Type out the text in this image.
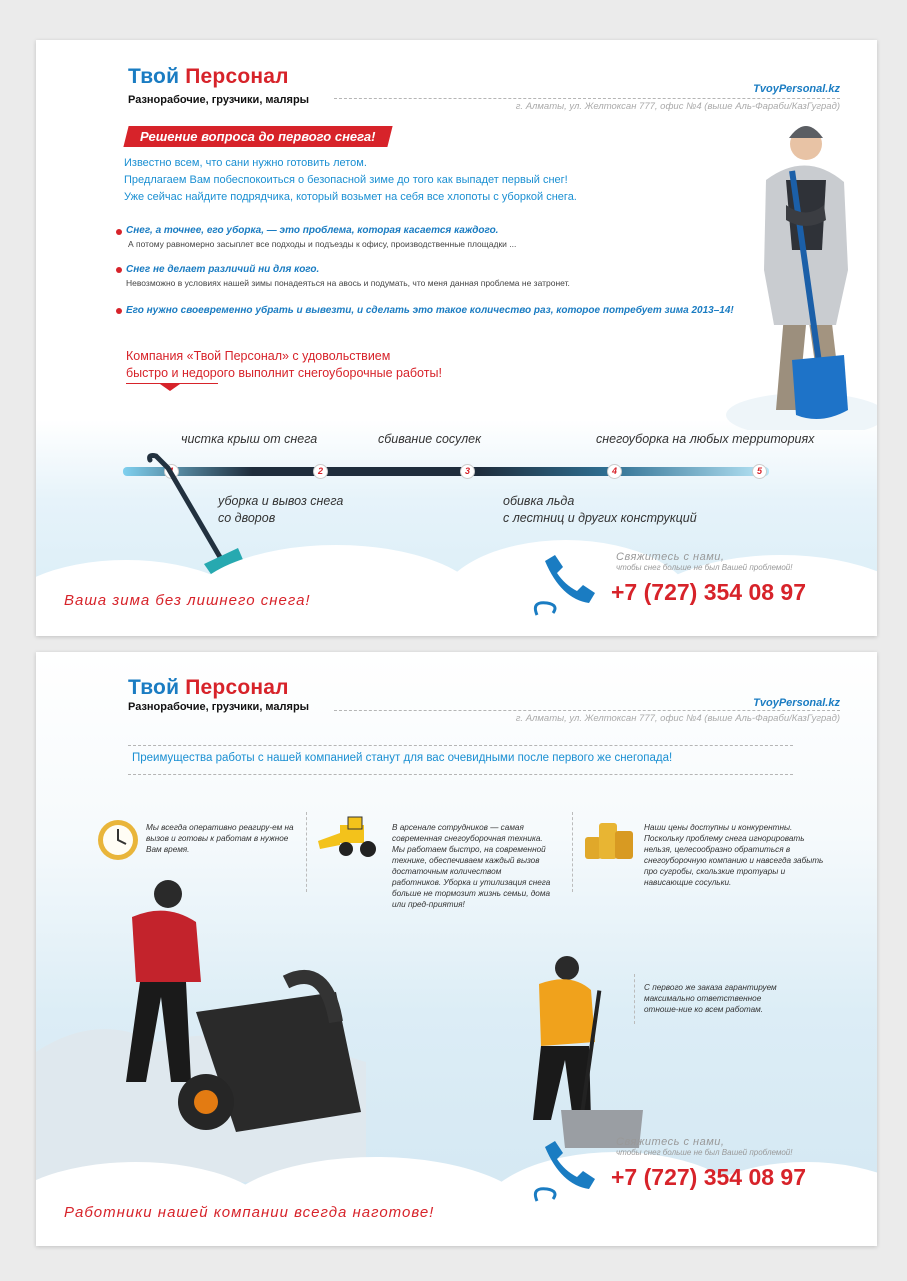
Твой Персонал
Разнорабочие, грузчики, маляры
TvoyPersonal.kz
г. Алматы, ул. Желтоксан 777, офис №4 (выше Аль-Фараби/КазГуград)
Решение вопроса до первого снега!
Известно всем, что сани нужно готовить летом.
Предлагаем Вам побеспокоиться о безопасной зиме до того как выпадет первый снег!
Уже сейчас найдите подрядчика, который возьмет на себя все хлопоты с уборкой снега.
Снег, а точнее, его уборка, — это проблема, которая касается каждого.
А потому равномерно засыплет все подходы и подъезды к офису, производственные площадки ...
Снег не делает различий ни для кого.
Невозможно в условиях нашей зимы понадеяться на авось и подумать, что меня данная проблема не затронет.
Его нужно своевременно убрать и вывезти, и сделать это такое количество раз, которое потребует зима 2013–14!
Компания «Твой Персонал» с удовольствием
быстро и недорого выполнит снегоуборочные работы!
чистка крыш от снега	сбивание сосулек	снегоуборка на любых территориях
1	2	3	4	5
уборка и вывоз снега
со дворов
обивка льда
с лестниц и других конструкций
Свяжитесь с нами,
чтобы снег больше не был Вашей проблемой!
+7 (727) 354 08 97
Ваша зима без лишнего снега!
Твой Персонал
Разнорабочие, грузчики, маляры	TvoyPersonal.kz
г. Алматы, ул. Желтоксан 777, офис №4 (выше Аль-Фараби/КазГуград)
Преимущества работы с нашей компанией станут для вас очевидными после первого же снегопада!
Мы всегда оперативно реагиру-ем на вызов и готовы к работам в нужное Вам время.
В арсенале сотрудников — самая современная снегоуборочная техника. Мы работаем быстро, на современной технике, обеспечиваем каждый вызов достаточным количеством работников. Уборка и утилизация снега больше не тормозит жизнь семьи, дома или пред-приятия!
Наши цены доступны и конкурентны. Поскольку проблему снега игнорировать нельзя, целесообразно обратиться в снегоуборочную компанию и навсегда забыть про сугробы, скользкие тротуары и нависающие сосульки.
С первого же заказа гарантируем максимально ответственное отноше-ние ко всем работам.
Свяжитесь с нами,
чтобы снег больше не был Вашей проблемой!
+7 (727) 354 08 97
Работники нашей компании всегда наготове!
